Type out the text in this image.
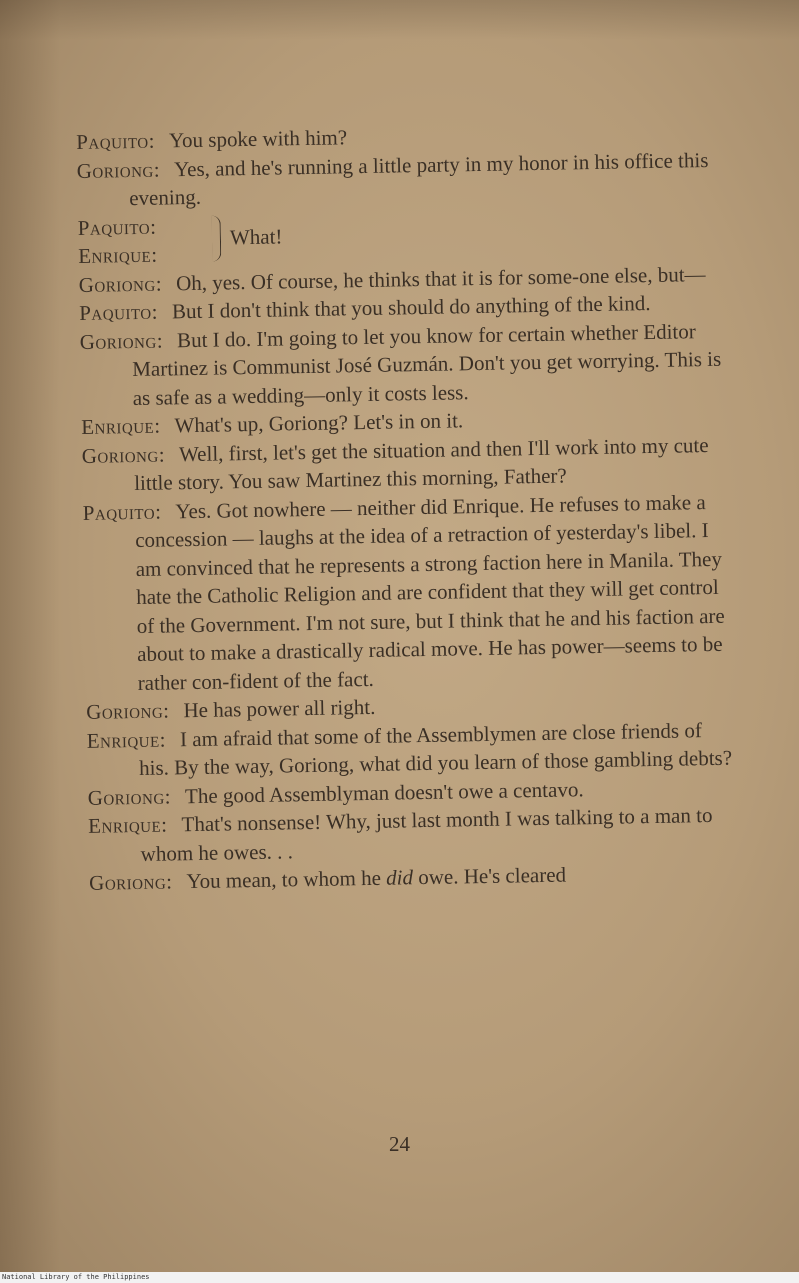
Paquito: You spoke with him?

Goriong: Yes, and he's running a little party in my honor in his office this evening.

Paquito:
Enrique:
What!

Goriong: Oh, yes. Of course, he thinks that it is for some-one else, but—

Paquito: But I don't think that you should do anything of the kind.

Goriong: But I do. I'm going to let you know for certain whether Editor Martinez is Communist José Guzmán. Don't you get worrying. This is as safe as a wedding—only it costs less.

Enrique: What's up, Goriong? Let's in on it.

Goriong: Well, first, let's get the situation and then I'll work into my cute little story. You saw Martinez this morning, Father?

Paquito: Yes. Got nowhere — neither did Enrique. He refuses to make a concession — laughs at the idea of a retraction of yesterday's libel. I am convinced that he represents a strong faction here in Manila. They hate the Catholic Religion and are confident that they will get control of the Government. I'm not sure, but I think that he and his faction are about to make a drastically radical move. He has power—seems to be rather con-fident of the fact.

Goriong: He has power all right.

Enrique: I am afraid that some of the Assemblymen are close friends of his. By the way, Goriong, what did you learn of those gambling debts?

Goriong: The good Assemblyman doesn't owe a centavo.

Enrique: That's nonsense! Why, just last month I was talking to a man to whom he owes. . .

Goriong: You mean, to whom he did owe. He's cleared

24
National Library of the Philippines
